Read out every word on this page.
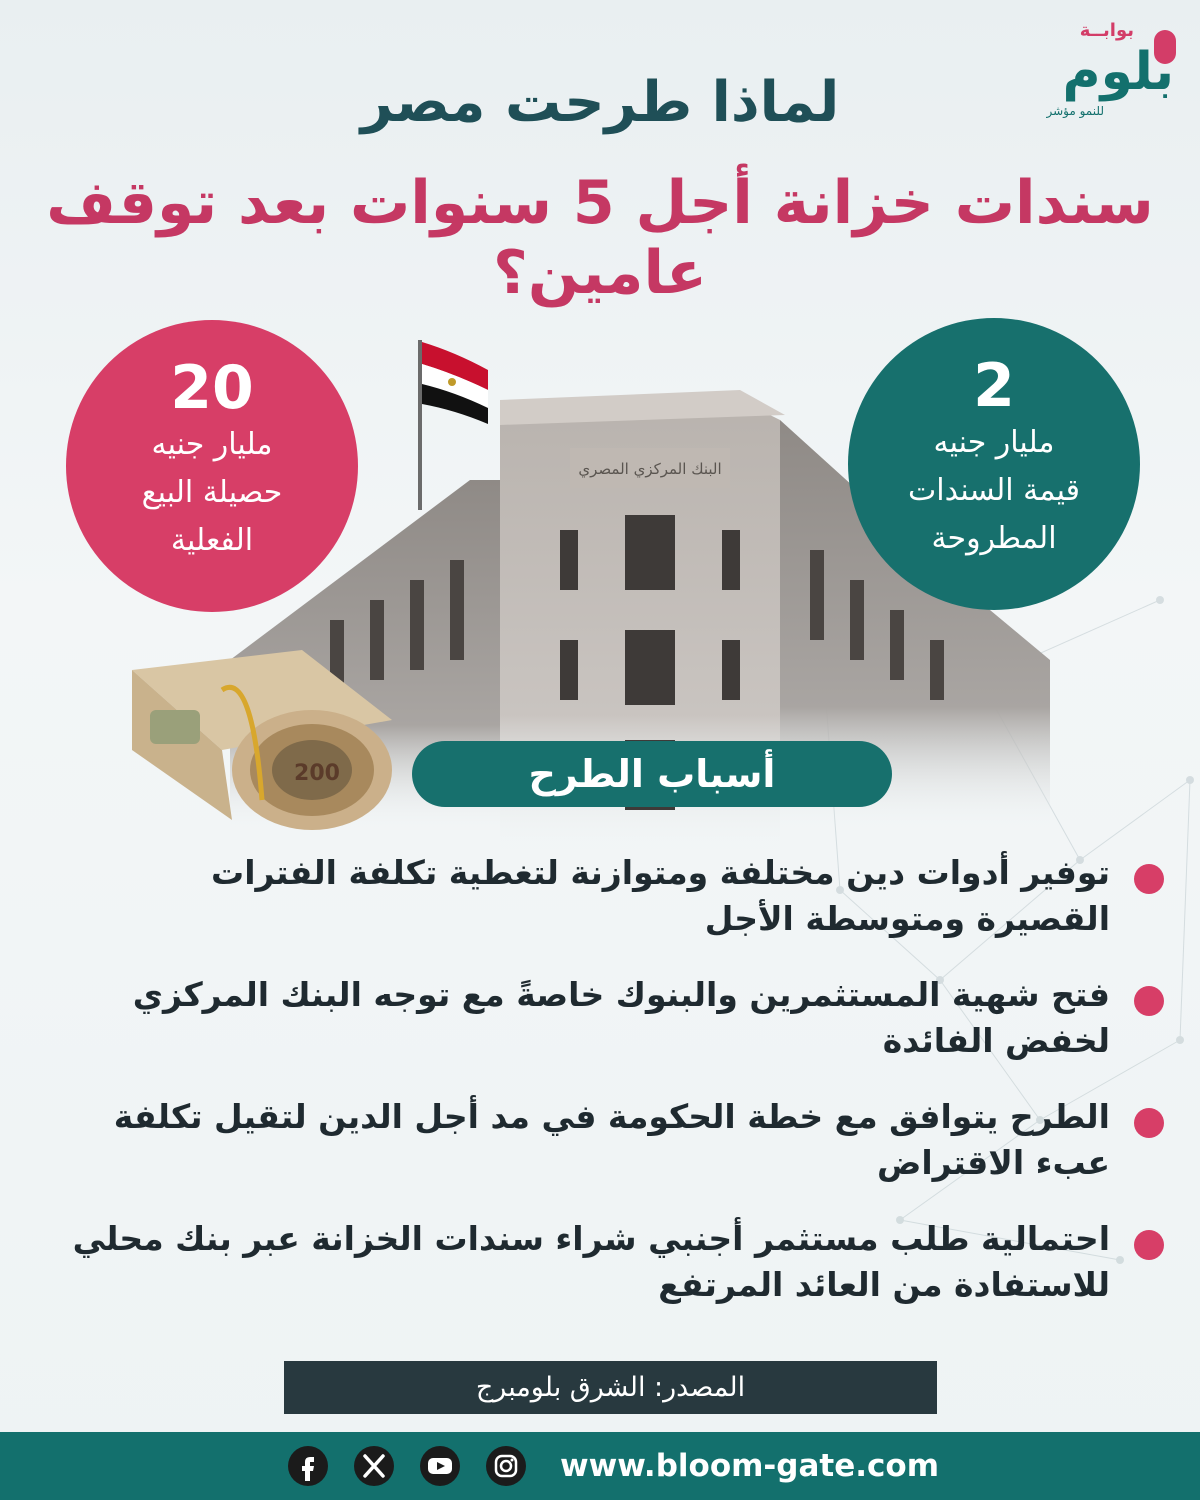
بوابــة
بلوم
للنمو مؤشر
لماذا طرحت مصر
سندات خزانة أجل 5 سنوات بعد توقف عامين؟
البنك المركزي المصري
200
20
مليار جنيه
حصيلة البيع
الفعلية
2
مليار جنيه
قيمة السندات
المطروحة
أسباب الطرح
توفير أدوات دين مختلفة ومتوازنة لتغطية تكلفة الفترات
القصيرة ومتوسطة الأجل
فتح شهية المستثمرين والبنوك خاصةً مع توجه البنك المركزي
لخفض الفائدة
الطرح يتوافق مع خطة الحكومة في مد أجل الدين لتقيل تكلفة
عبء الاقتراض
احتمالية طلب مستثمر أجنبي شراء سندات الخزانة عبر بنك محلي
للاستفادة من العائد المرتفع
المصدر: الشرق بلومبرج
www.bloom-gate.com
